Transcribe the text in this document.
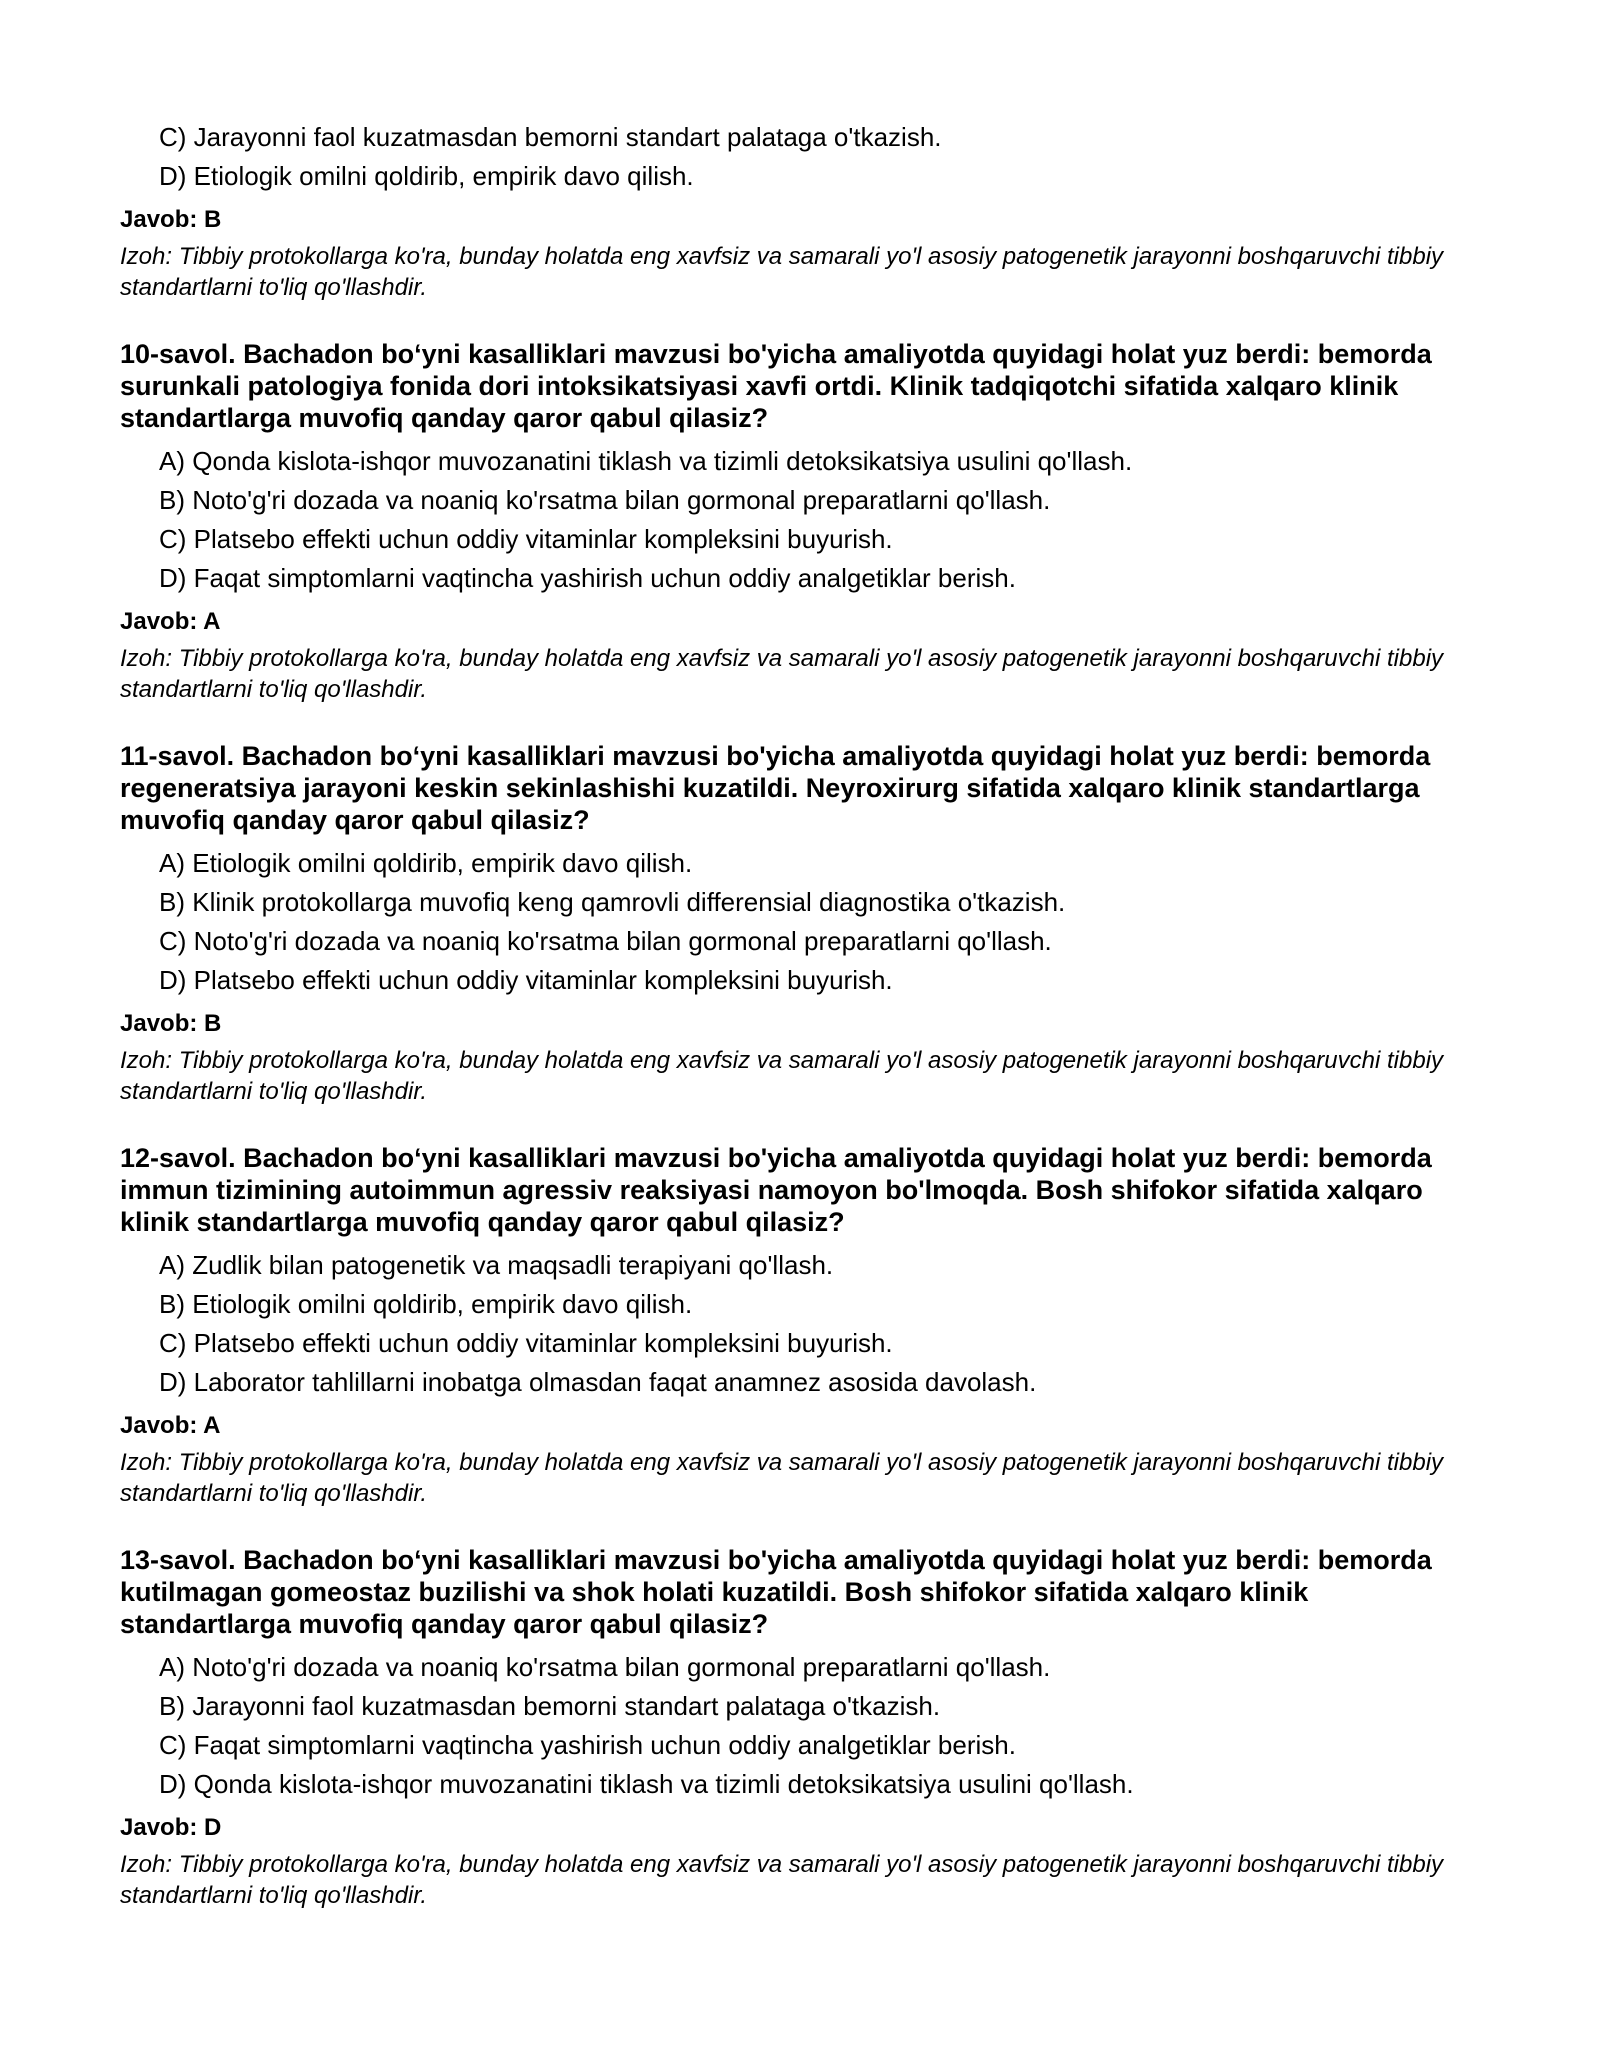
C) Jarayonni faol kuzatmasdan bemorni standart palataga o'tkazish.
D) Etiologik omilni qoldirib, empirik davo qilish.
Javob: B
Izoh: Tibbiy protokollarga ko'ra, bunday holatda eng xavfsiz va samarali yo'l asosiy patogenetik jarayonni boshqaruvchi tibbiy standartlarni to'liq qo'llashdir.

10-savol. Bachadon bo‘yni kasalliklari mavzusi bo'yicha amaliyotda quyidagi holat yuz berdi: bemorda surunkali patologiya fonida dori intoksikatsiyasi xavfi ortdi. Klinik tadqiqotchi sifatida xalqaro klinik standartlarga muvofiq qanday qaror qabul qilasiz?

A) Qonda kislota-ishqor muvozanatini tiklash va tizimli detoksikatsiya usulini qo'llash.
B) Noto'g'ri dozada va noaniq ko'rsatma bilan gormonal preparatlarni qo'llash.
C) Platsebo effekti uchun oddiy vitaminlar kompleksini buyurish.
D) Faqat simptomlarni vaqtincha yashirish uchun oddiy analgetiklar berish.
Javob: A
Izoh: Tibbiy protokollarga ko'ra, bunday holatda eng xavfsiz va samarali yo'l asosiy patogenetik jarayonni boshqaruvchi tibbiy standartlarni to'liq qo'llashdir.

11-savol. Bachadon bo‘yni kasalliklari mavzusi bo'yicha amaliyotda quyidagi holat yuz berdi: bemorda regeneratsiya jarayoni keskin sekinlashishi kuzatildi. Neyroxirurg sifatida xalqaro klinik standartlarga muvofiq qanday qaror qabul qilasiz?

A) Etiologik omilni qoldirib, empirik davo qilish.
B) Klinik protokollarga muvofiq keng qamrovli differensial diagnostika o'tkazish.
C) Noto'g'ri dozada va noaniq ko'rsatma bilan gormonal preparatlarni qo'llash.
D) Platsebo effekti uchun oddiy vitaminlar kompleksini buyurish.
Javob: B
Izoh: Tibbiy protokollarga ko'ra, bunday holatda eng xavfsiz va samarali yo'l asosiy patogenetik jarayonni boshqaruvchi tibbiy standartlarni to'liq qo'llashdir.

12-savol. Bachadon bo‘yni kasalliklari mavzusi bo'yicha amaliyotda quyidagi holat yuz berdi: bemorda immun tizimining autoimmun agressiv reaksiyasi namoyon bo'lmoqda. Bosh shifokor sifatida xalqaro klinik standartlarga muvofiq qanday qaror qabul qilasiz?

A) Zudlik bilan patogenetik va maqsadli terapiyani qo'llash.
B) Etiologik omilni qoldirib, empirik davo qilish.
C) Platsebo effekti uchun oddiy vitaminlar kompleksini buyurish.
D) Laborator tahlillarni inobatga olmasdan faqat anamnez asosida davolash.
Javob: A
Izoh: Tibbiy protokollarga ko'ra, bunday holatda eng xavfsiz va samarali yo'l asosiy patogenetik jarayonni boshqaruvchi tibbiy standartlarni to'liq qo'llashdir.

13-savol. Bachadon bo‘yni kasalliklari mavzusi bo'yicha amaliyotda quyidagi holat yuz berdi: bemorda kutilmagan gomeostaz buzilishi va shok holati kuzatildi. Bosh shifokor sifatida xalqaro klinik standartlarga muvofiq qanday qaror qabul qilasiz?

A) Noto'g'ri dozada va noaniq ko'rsatma bilan gormonal preparatlarni qo'llash.
B) Jarayonni faol kuzatmasdan bemorni standart palataga o'tkazish.
C) Faqat simptomlarni vaqtincha yashirish uchun oddiy analgetiklar berish.
D) Qonda kislota-ishqor muvozanatini tiklash va tizimli detoksikatsiya usulini qo'llash.
Javob: D
Izoh: Tibbiy protokollarga ko'ra, bunday holatda eng xavfsiz va samarali yo'l asosiy patogenetik jarayonni boshqaruvchi tibbiy standartlarni to'liq qo'llashdir.
